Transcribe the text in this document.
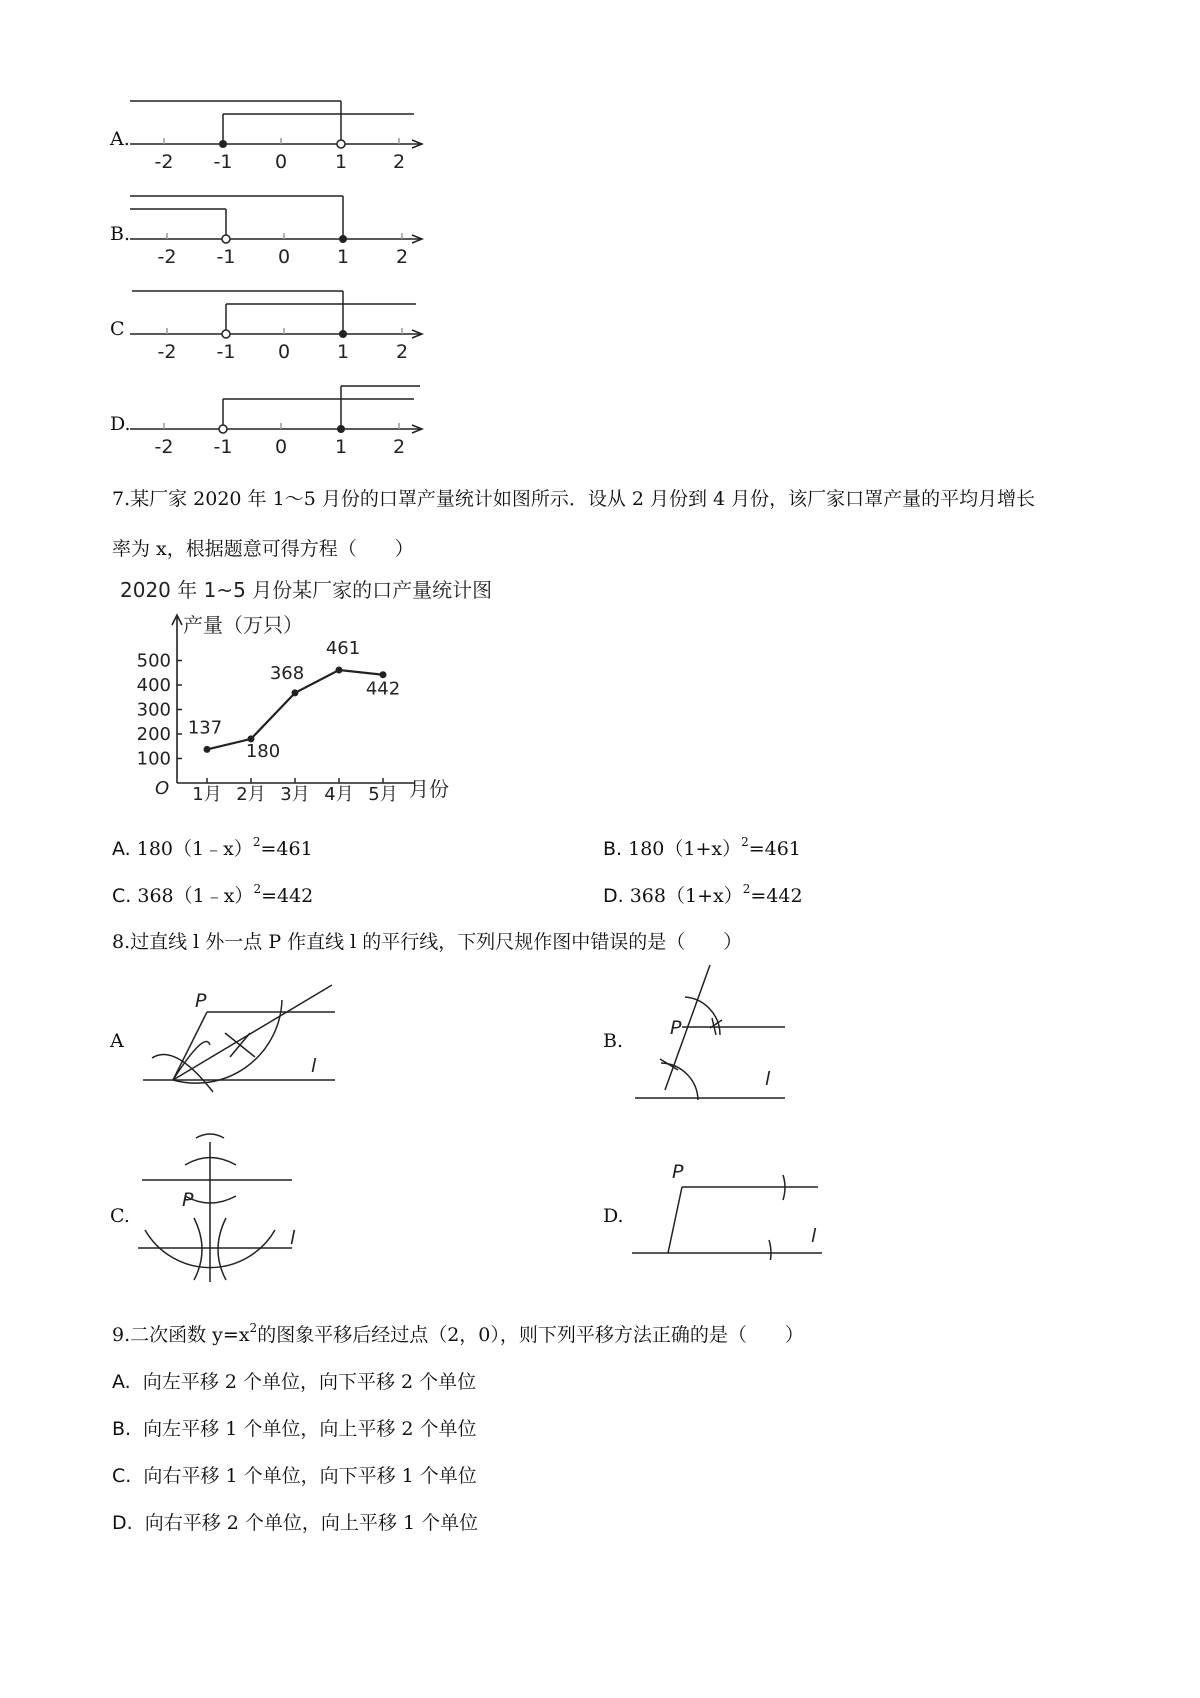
A.
-2 -1 0	1 2
B.
-2 -1 0 1 2
C
-2 -1 0 1 2
D.
-2 -1 0	1 2
7.某厂家 2020 年 1～5 月份的口罩产量统计如图所示．设从 2 月份到 4 月份，该厂家口罩产量的平均月增长
率为 x，根据题意可得方程（　　）
2020 年 1~5 月份某厂家的口产量统计图
产量（万只）
月份
O
100
200
300
400
500
1月 2月 3月 4月 5月
137
180
368
461
442
A. 180（1﹣x）$^2$=461	B. $180(1+x)^2=461$
C. 368（1﹣x）$^2$=442	D. $368(1+x)^2=442$
8.过直线 l 外一点 P 作直线 l 的平行线，下列尺规作图中错误的是（　　）
A
P
l
B.
P
l
C.
P
l
D.
P
l
9.二次函数 $y=x^2$的图象平移后经过点（2，0），则下列平移方法正确的是（　　）
A. 向左平移 2 个单位，向下平移 2 个单位
B. 向左平移 1 个单位，向上平移 2 个单位
C. 向右平移 1 个单位，向下平移 1 个单位
D. 向右平移 2 个单位，向上平移 1 个单位
